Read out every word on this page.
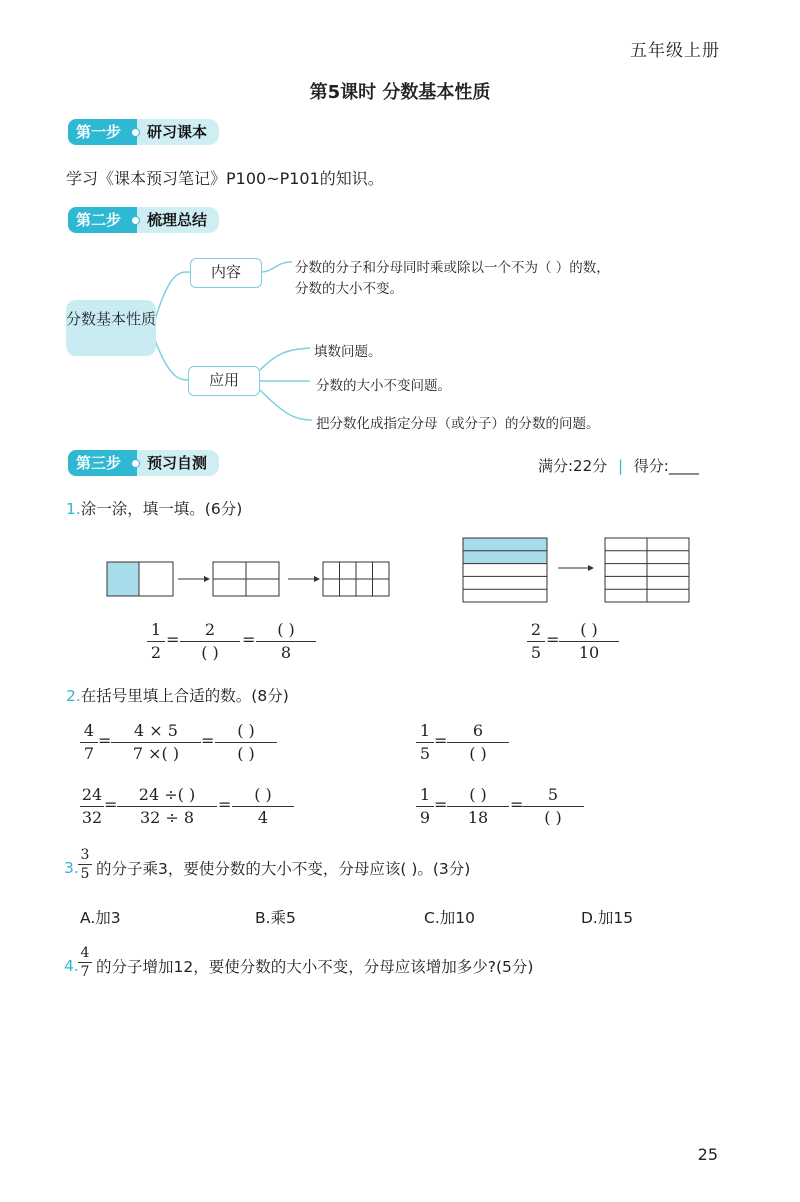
五年级上册
第5课时 分数基本性质
第一步	研习课本
学习《课本预习笔记》P100~P101的知识。
第二步	梳理总结
分数基本性质
内容	分数的分子和分母同时乘或除以一个不为（ ）的数，
分数的大小不变。
应用
填数问题。
分数的大小不变问题。
把分数化成指定分母（或分子）的分数的问题。
第三步	预习自测	满分:22分 | 得分:____
1.涂一涂，填一填。(6分)
1
2
=
2
( )
=
( )
8
2
5
=
( )
10
2.在括号里填上合适的数。(8分)
4
7
=
4 × 5
7 ×( )
=
( )
( )
1
5
=
6
( )
24
32
=
24 ÷( )
32 ÷ 8
=
( )
4
1
9
=
( )
18
=
5
( )
3.
3
5 的分子乘3，要使分数的大小不变，分母应该( )。(3分)
A.加3	B.乘5	C.加10	D.加15
4.
4
7 的分子增加12，要使分数的大小不变，分母应该增加多少?(5分)
25
